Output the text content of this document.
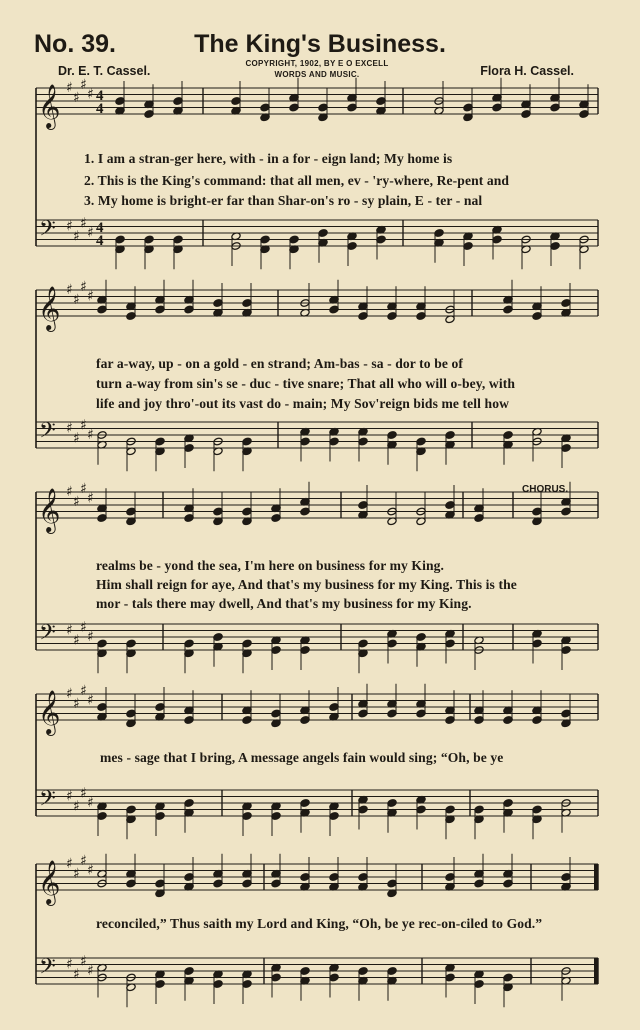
No. 39.	The King's Business.
Dr. E. T. Cassel.
COPYRIGHT, 1902, BY E O EXCELL
WORDS AND MUSIC.	Flora H. Cassel.
𝄞 ♯
♯
♯
♯ 4
4
𝄢 ♯
♯
♯
♯ 4
4
𝄞 ♯
♯
♯
♯
𝄢 ♯
♯
♯
♯
𝄞 ♯
♯
♯
♯
𝄢 ♯
♯
♯
♯
𝄞 ♯
♯
♯
♯
𝄢 ♯
♯
♯
♯
𝄞 ♯
♯
♯
♯
𝄢 ♯
♯
♯
♯
CHORUS.
1. I am a stran-ger here, with - in a for - eign land; My home is
2. This is the King's command: that all men, ev - 'ry-where, Re-pent and
3. My home is bright-er far than Shar-on's ro - sy plain, E - ter - nal
far a-way, up - on a gold - en strand; Am-bas - sa - dor to be of
turn a-way from sin's se - duc - tive snare; That all who will o-bey, with
life and joy thro'-out its vast do - main; My Sov'reign bids me tell how
realms be - yond the sea, I'm here on business for my King.
Him shall reign for aye, And that's my business for my King. This is the
mor - tals there may dwell, And that's my business for my King.
mes - sage that I bring, A message angels fain would sing; “Oh, be ye
reconciled,” Thus saith my Lord and King, “Oh, be ye rec-on-ciled to God.”
